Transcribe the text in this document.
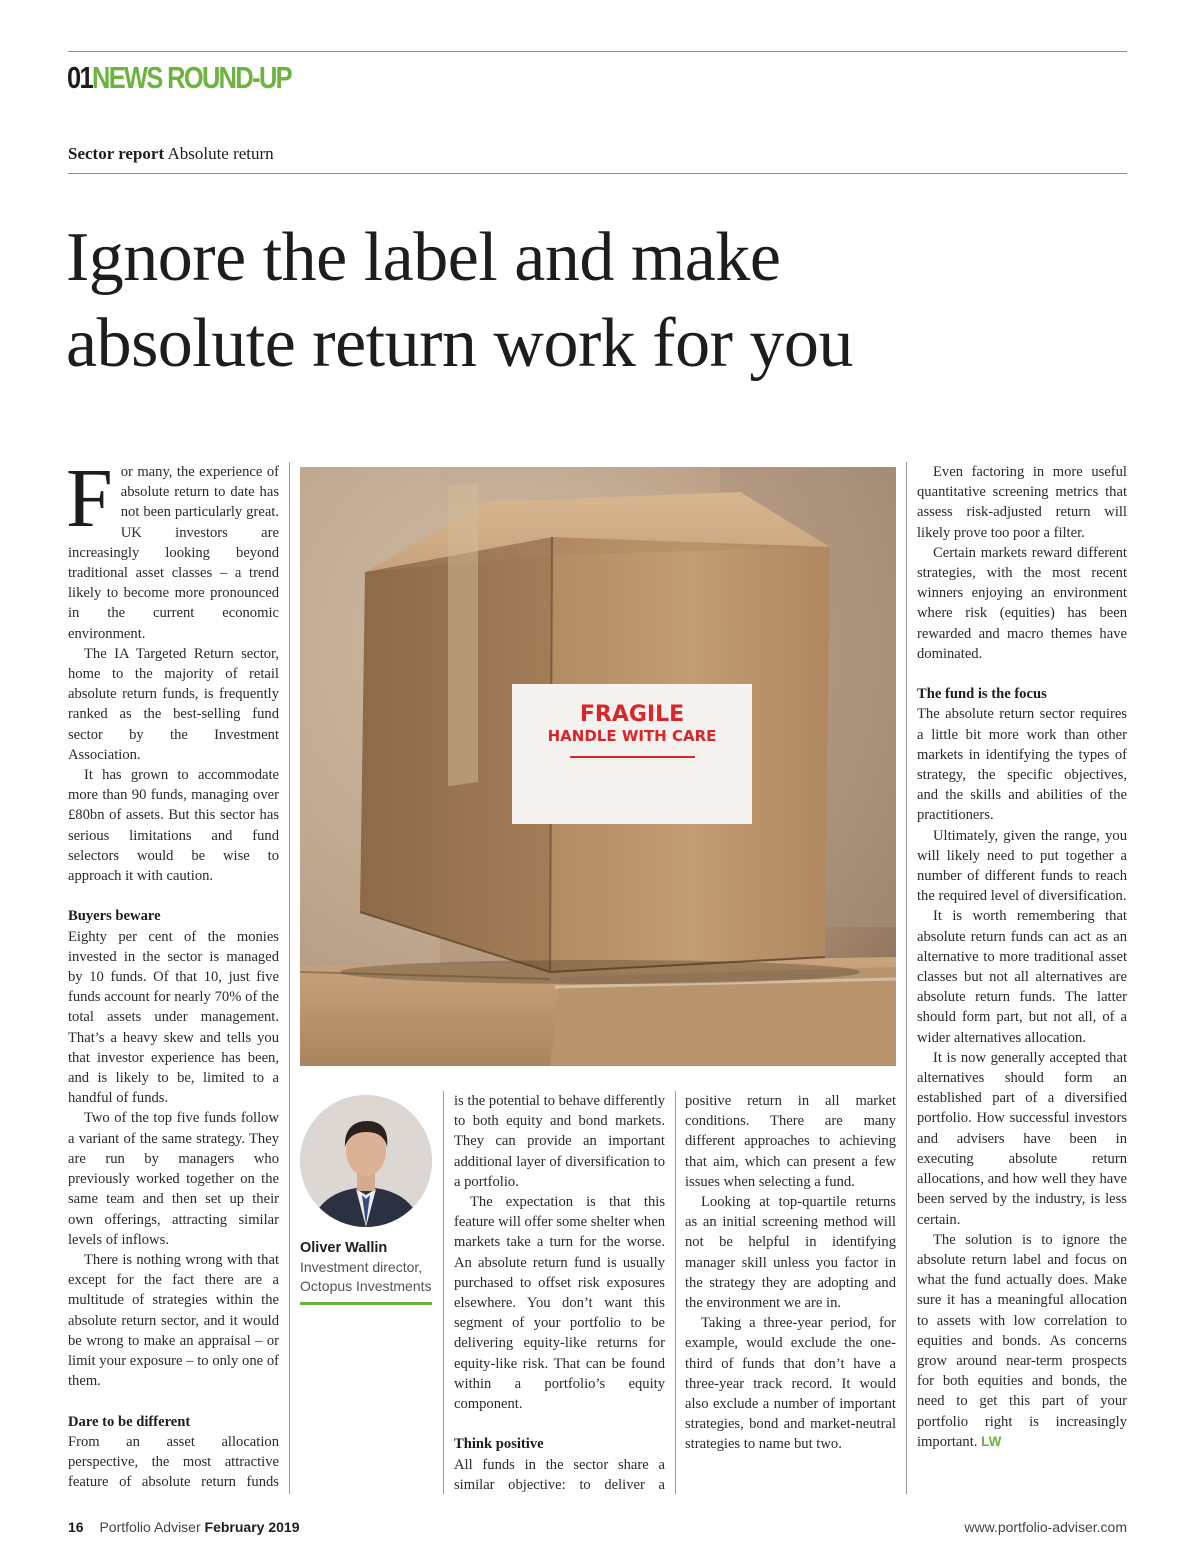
01NEWS ROUND-UP
Sector report Absolute return
Ignore the label and make
absolute return work for you

For many, the experience of absolute return to date has not been particularly great. UK investors are increasingly looking beyond traditional asset classes – a trend likely to become more pronounced in the current economic environment.

The IA Targeted Return sector, home to the majority of retail absolute return funds, is frequently ranked as the best-selling fund sector by the Investment Association.

It has grown to accommodate more than 90 funds, managing over £80bn of assets. But this sector has serious limitations and fund selectors would be wise to approach it with caution.

Buyers beware

Eighty per cent of the monies invested in the sector is managed by 10 funds. Of that 10, just five funds account for nearly 70% of the total assets under management. That’s a heavy skew and tells you that investor experience has been, and is likely to be, limited to a handful of funds.

Two of the top five funds follow a variant of the same strategy. They are run by managers who previously worked together on the same team and then set up their own offerings, attracting similar levels of inflows.

There is nothing wrong with that except for the fact there are a multitude of strategies within the absolute return sector, and it would be wrong to make an appraisal – or limit your exposure – to only one of them.

Dare to be different

From an asset allocation perspective, the most attractive feature of absolute return funds

FRAGILE
HANDLE WITH CARE
Oliver Wallin
Investment director, Octopus Investments

is the potential to behave differently to both equity and bond markets. They can provide an important additional layer of diversification to a portfolio.

The expectation is that this feature will offer some shelter when markets take a turn for the worse. An absolute return fund is usually purchased to offset risk exposures elsewhere. You don’t want this segment of your portfolio to be delivering equity-like returns for equity-like risk. That can be found within a portfolio’s equity component.

Think positive

All funds in the sector share a similar objective: to deliver a

positive return in all market conditions. There are many different approaches to achieving that aim, which can present a few issues when selecting a fund.

Looking at top-quartile returns as an initial screening method will not be helpful in identifying manager skill unless you factor in the strategy they are adopting and the environment we are in.

Taking a three-year period, for example, would exclude the one-third of funds that don’t have a three-year track record. It would also exclude a number of important strategies, bond and market-neutral strategies to name but two.

Even factoring in more useful quantitative screening metrics that assess risk-adjusted return will likely prove too poor a filter.

Certain markets reward different strategies, with the most recent winners enjoying an environment where risk (equities) has been rewarded and macro themes have dominated.

The fund is the focus

The absolute return sector requires a little bit more work than other markets in identifying the types of strategy, the specific objectives, and the skills and abilities of the practitioners.

Ultimately, given the range, you will likely need to put together a number of different funds to reach the required level of diversification.

It is worth remembering that absolute return funds can act as an alternative to more traditional asset classes but not all alternatives are absolute return funds. The latter should form part, but not all, of a wider alternatives allocation.

It is now generally accepted that alternatives should form an established part of a diversified portfolio. How successful investors and advisers have been in executing absolute return allocations, and how well they have been served by the industry, is less certain.

The solution is to ignore the absolute return label and focus on what the fund actually does. Make sure it has a meaningful allocation to assets with low correlation to equities and bonds. As concerns grow around near-term prospects for both equities and bonds, the need to get this part of your portfolio right is increasingly important. LW

16 Portfolio Adviser February 2019	www.portfolio-adviser.com
